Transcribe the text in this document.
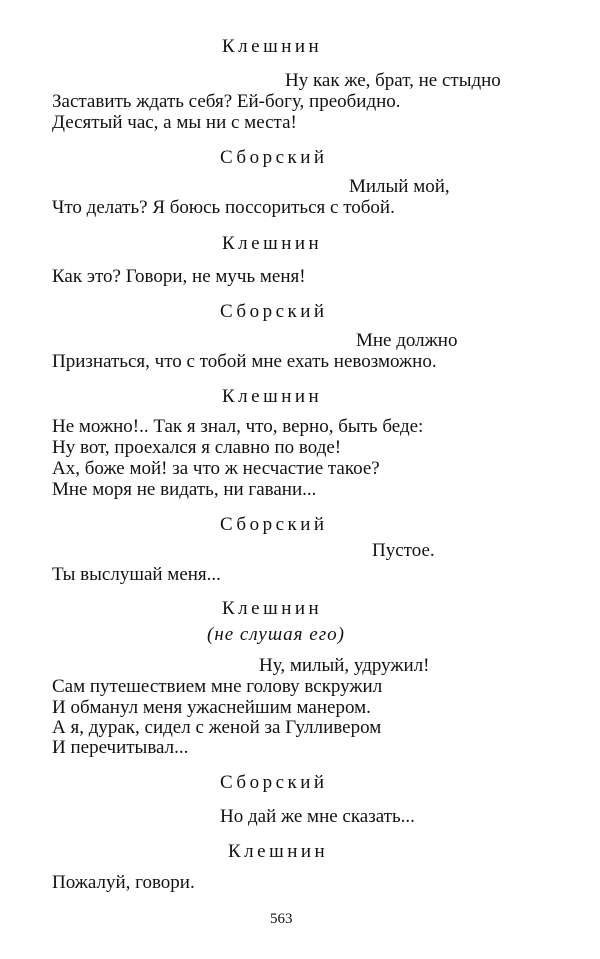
Клешнин
Ну как же, брат, не стыдно
Заставить ждать себя? Ей-богу, преобидно.
Десятый час, а мы ни с места!
Сборский
Милый мой,
Что делать? Я боюсь поссориться с тобой.
Клешнин
Как это? Говори, не мучь меня!
Сборский
Мне должно
Признаться, что с тобой мне ехать невозможно.
Клешнин
Не можно!.. Так я знал, что, верно, быть беде:
Ну вот, проехался я славно по воде!
Ах, боже мой! за что ж несчастие такое?
Мне моря не видать, ни гавани...
Сборский
Пустое.
Ты выслушай меня...
Клешнин
(не слушая его)
Ну, милый, удружил!
Сам путешествием мне голову вскружил
И обманул меня ужаснейшим манером.
А я, дурак, сидел с женой за Гулливером
И перечитывал...
Сборский
Но дай же мне сказать...
Клешнин
Пожалуй, говори.
563
